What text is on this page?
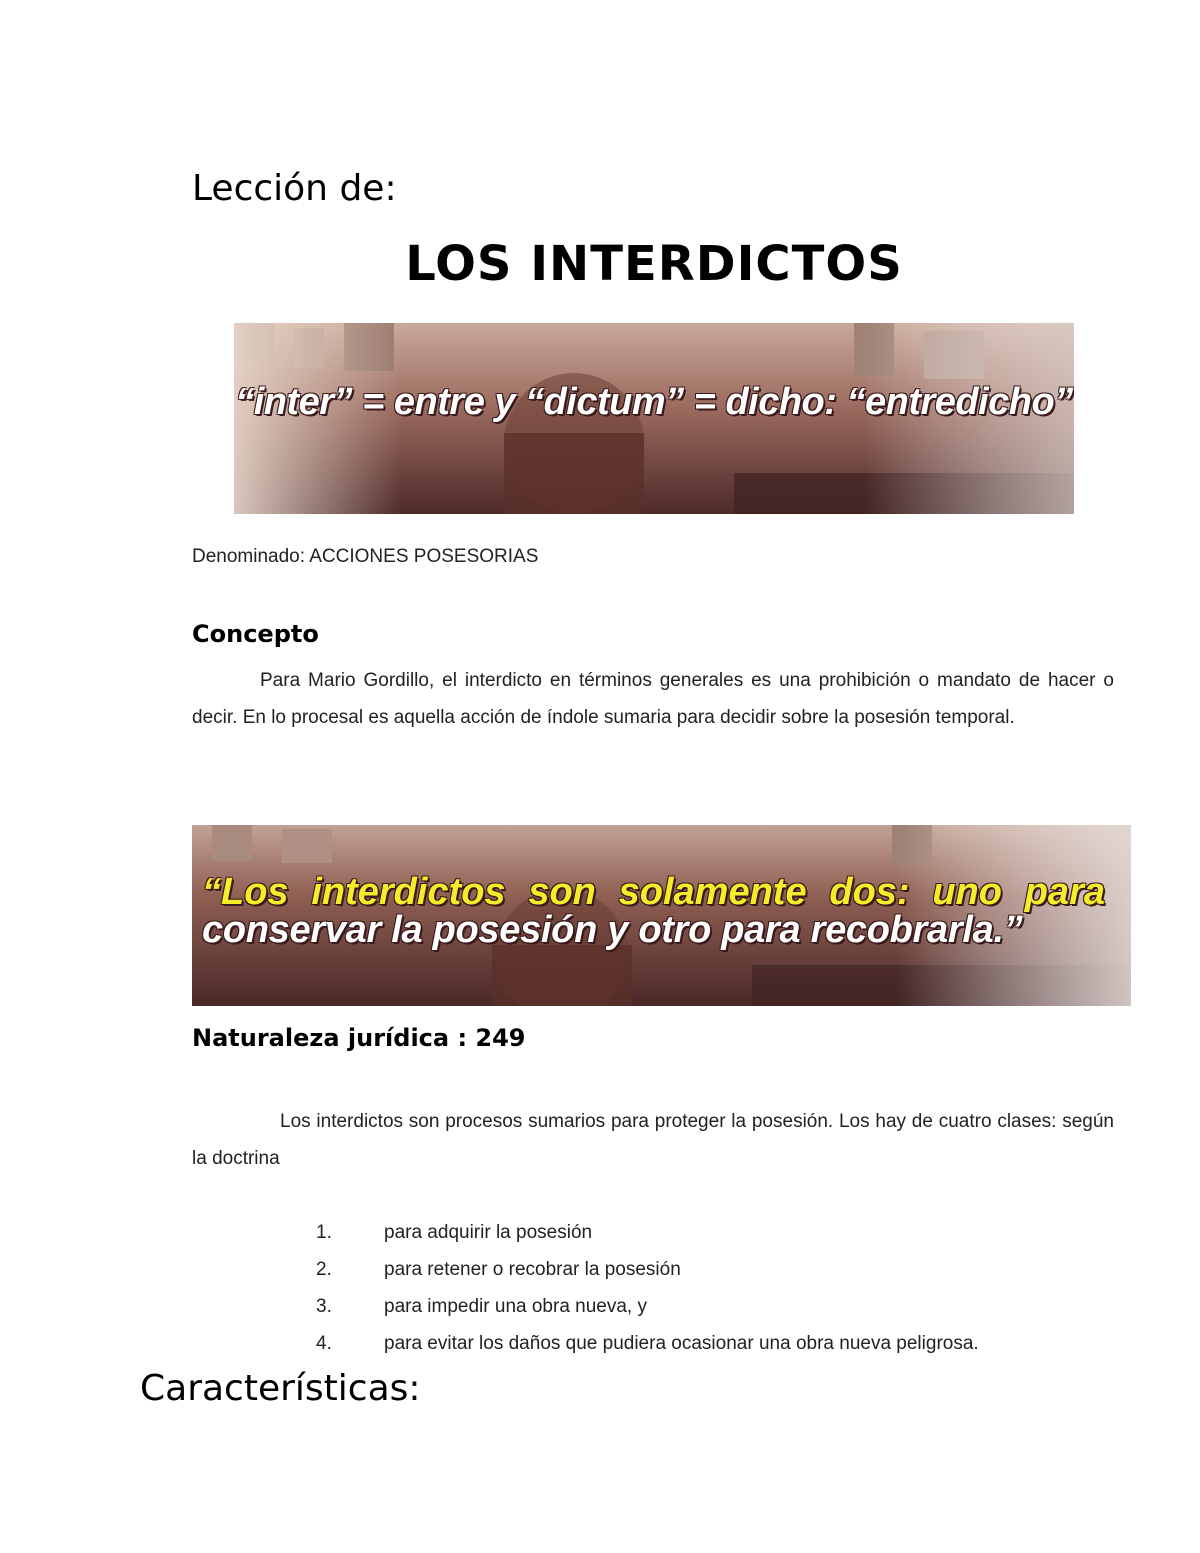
Lección de:
LOS INTERDICTOS
“inter” = entre y “dictum” = dicho: “entredicho”
Denominado: ACCIONES POSESORIAS
Concepto
Para Mario Gordillo, el interdicto en términos generales es una prohibición o mandato de hacer o decir. En lo procesal es aquella acción de índole sumaria para decidir sobre la posesión temporal.
“Los interdictos son solamente dos: uno para
conservar la posesión y otro para recobrarla.”
Naturaleza jurídica : 249
Los interdictos son procesos sumarios para proteger la posesión. Los hay de cuatro clases: según la doctrina
1.	para adquirir la posesión
2.	para retener o recobrar la posesión
3.	para impedir una obra nueva, y
4.	para evitar los daños que pudiera ocasionar una obra nueva peligrosa.
Características:
